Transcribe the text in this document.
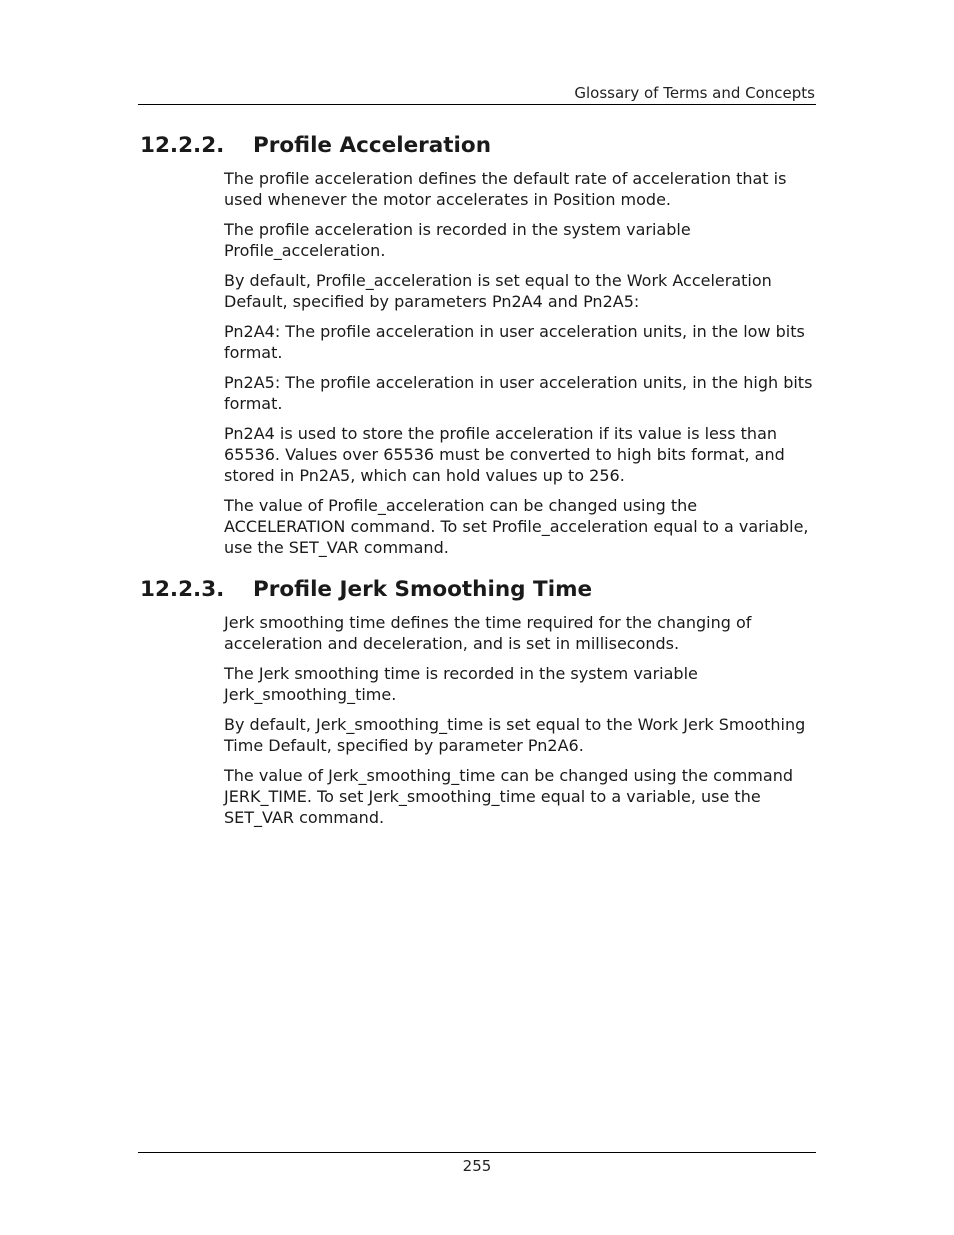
Glossary of Terms and Concepts
12.2.2. Profile Acceleration

The profile acceleration defines the default rate of acceleration that is used whenever the motor accelerates in Position mode.

The profile acceleration is recorded in the system variable Profile_acceleration.

By default, Profile_acceleration is set equal to the Work Acceleration Default, specified by parameters Pn2A4 and Pn2A5:

Pn2A4: The profile acceleration in user acceleration units, in the low bits format.

Pn2A5: The profile acceleration in user acceleration units, in the high bits format.

Pn2A4 is used to store the profile acceleration if its value is less than 65536. Values over 65536 must be converted to high bits format, and stored in Pn2A5, which can hold values up to 256.

The value of Profile_acceleration can be changed using the ACCELERATION command. To set Profile_acceleration equal to a variable, use the SET_VAR command.

12.2.3. Profile Jerk Smoothing Time

Jerk smoothing time defines the time required for the changing of acceleration and deceleration, and is set in milliseconds.

The Jerk smoothing time is recorded in the system variable Jerk_smoothing_time.

By default, Jerk_smoothing_time is set equal to the Work Jerk Smoothing Time Default, specified by parameter Pn2A6.

The value of Jerk_smoothing_time can be changed using the command JERK_TIME. To set Jerk_smoothing_time equal to a variable, use the SET_VAR command.

255
